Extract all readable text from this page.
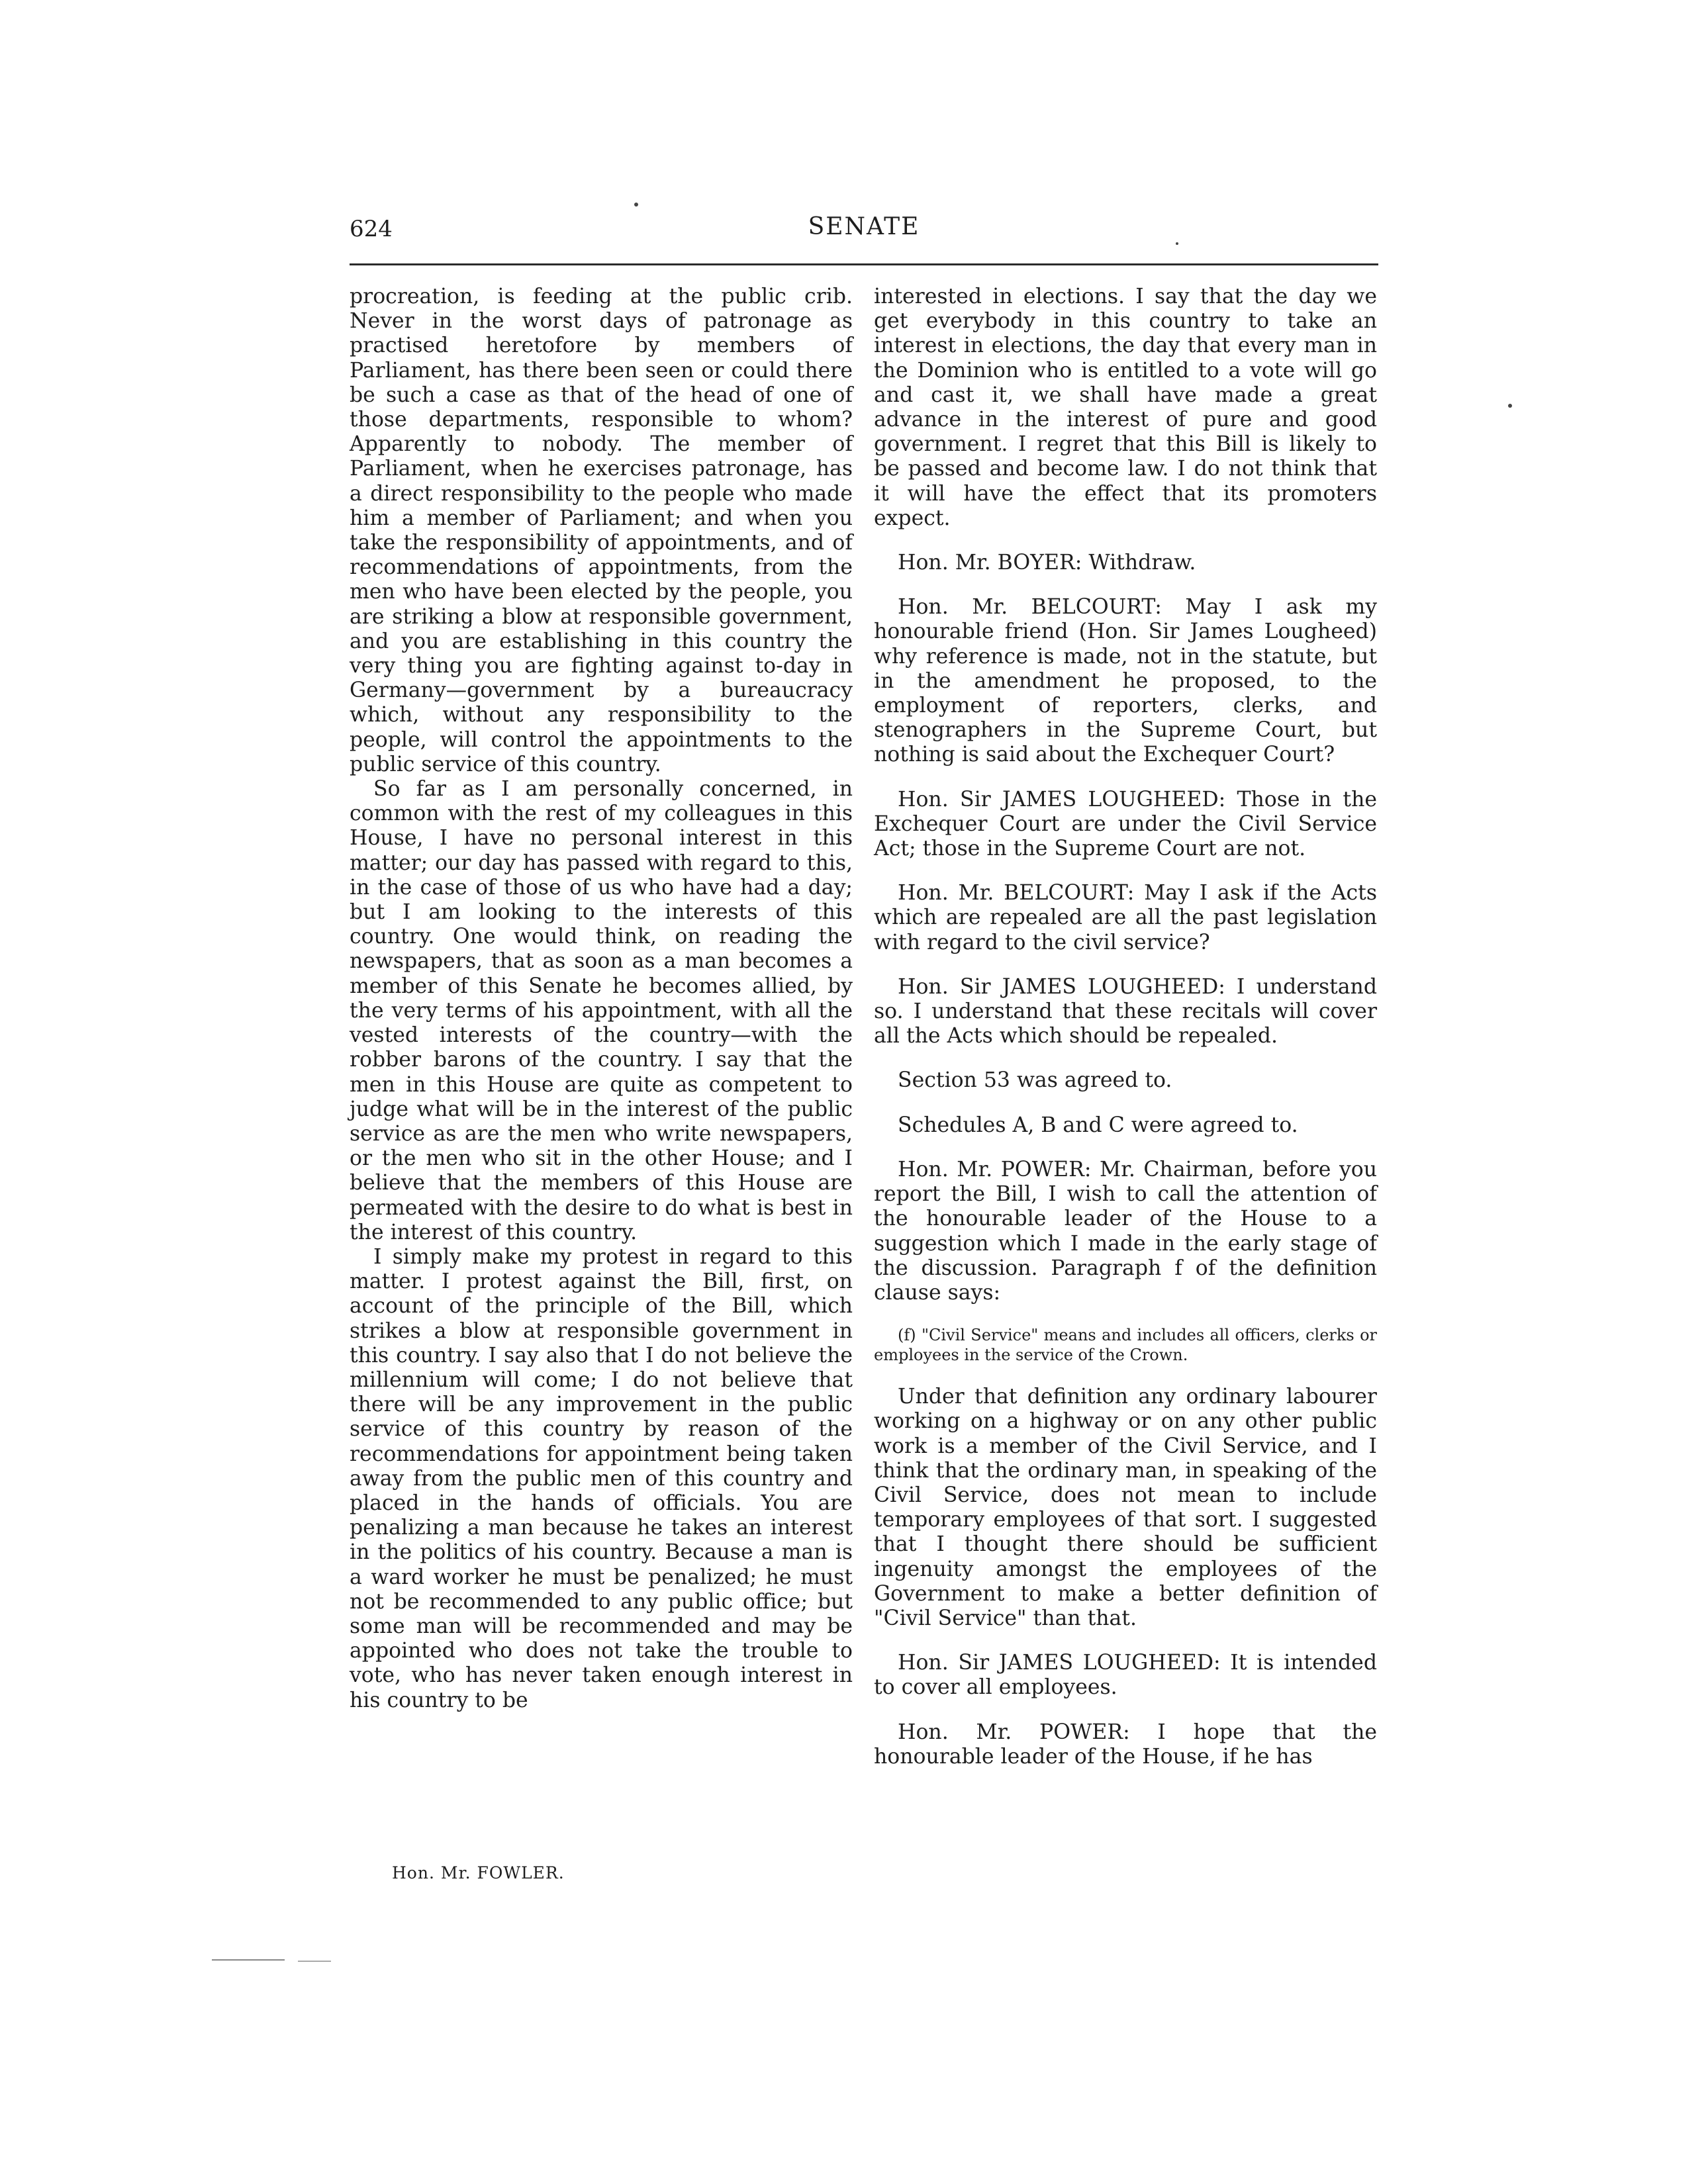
624	SENATE

procreation, is feeding at the public crib. Never in the worst days of patronage as practised heretofore by members of Parliament, has there been seen or could there be such a case as that of the head of one of those departments, responsible to whom? Apparently to nobody. The member of Parliament, when he exercises patronage, has a direct responsibility to the people who made him a member of Parliament; and when you take the responsibility of appointments, and of recommendations of appointments, from the men who have been elected by the people, you are striking a blow at responsible government, and you are establishing in this country the very thing you are fighting against to-day in Germany—government by a bureaucracy which, without any responsibility to the people, will control the appointments to the public service of this country.

So far as I am personally concerned, in common with the rest of my colleagues in this House, I have no personal interest in this matter; our day has passed with regard to this, in the case of those of us who have had a day; but I am looking to the interests of this country. One would think, on reading the newspapers, that as soon as a man becomes a member of this Senate he becomes allied, by the very terms of his appointment, with all the vested interests of the country—with the robber barons of the country. I say that the men in this House are quite as competent to judge what will be in the interest of the public service as are the men who write newspapers, or the men who sit in the other House; and I believe that the members of this House are permeated with the desire to do what is best in the interest of this country.

I simply make my protest in regard to this matter. I protest against the Bill, first, on account of the principle of the Bill, which strikes a blow at responsible government in this country. I say also that I do not believe the millennium will come; I do not believe that there will be any improvement in the public service of this country by reason of the recommendations for appointment being taken away from the public men of this country and placed in the hands of officials. You are penalizing a man because he takes an interest in the politics of his country. Because a man is a ward worker he must be penalized; he must not be recommended to any public office; but some man will be recommended and may be appointed who does not take the trouble to vote, who has never taken enough interest in his country to be

Hon. Mr. FOWLER.

interested in elections. I say that the day we get everybody in this country to take an interest in elections, the day that every man in the Dominion who is entitled to a vote will go and cast it, we shall have made a great advance in the interest of pure and good government. I regret that this Bill is likely to be passed and become law. I do not think that it will have the effect that its promoters expect.

Hon. Mr. BOYER: Withdraw.

Hon. Mr. BELCOURT: May I ask my honourable friend (Hon. Sir James Lougheed) why reference is made, not in the statute, but in the amendment he proposed, to the employment of reporters, clerks, and stenographers in the Supreme Court, but nothing is said about the Exchequer Court?

Hon. Sir JAMES LOUGHEED: Those in the Exchequer Court are under the Civil Service Act; those in the Supreme Court are not.

Hon. Mr. BELCOURT: May I ask if the Acts which are repealed are all the past legislation with regard to the civil service?

Hon. Sir JAMES LOUGHEED: I understand so. I understand that these recitals will cover all the Acts which should be repealed.

Section 53 was agreed to.

Schedules A, B and C were agreed to.

Hon. Mr. POWER: Mr. Chairman, before you report the Bill, I wish to call the attention of the honourable leader of the House to a suggestion which I made in the early stage of the discussion. Paragraph f of the definition clause says:

(f) "Civil Service" means and includes all officers, clerks or employees in the service of the Crown.

Under that definition any ordinary labourer working on a highway or on any other public work is a member of the Civil Service, and I think that the ordinary man, in speaking of the Civil Service, does not mean to include temporary employees of that sort. I suggested that I thought there should be sufficient ingenuity amongst the employees of the Government to make a better definition of "Civil Service" than that.

Hon. Sir JAMES LOUGHEED: It is intended to cover all employees.

Hon. Mr. POWER: I hope that the honourable leader of the House, if he has
